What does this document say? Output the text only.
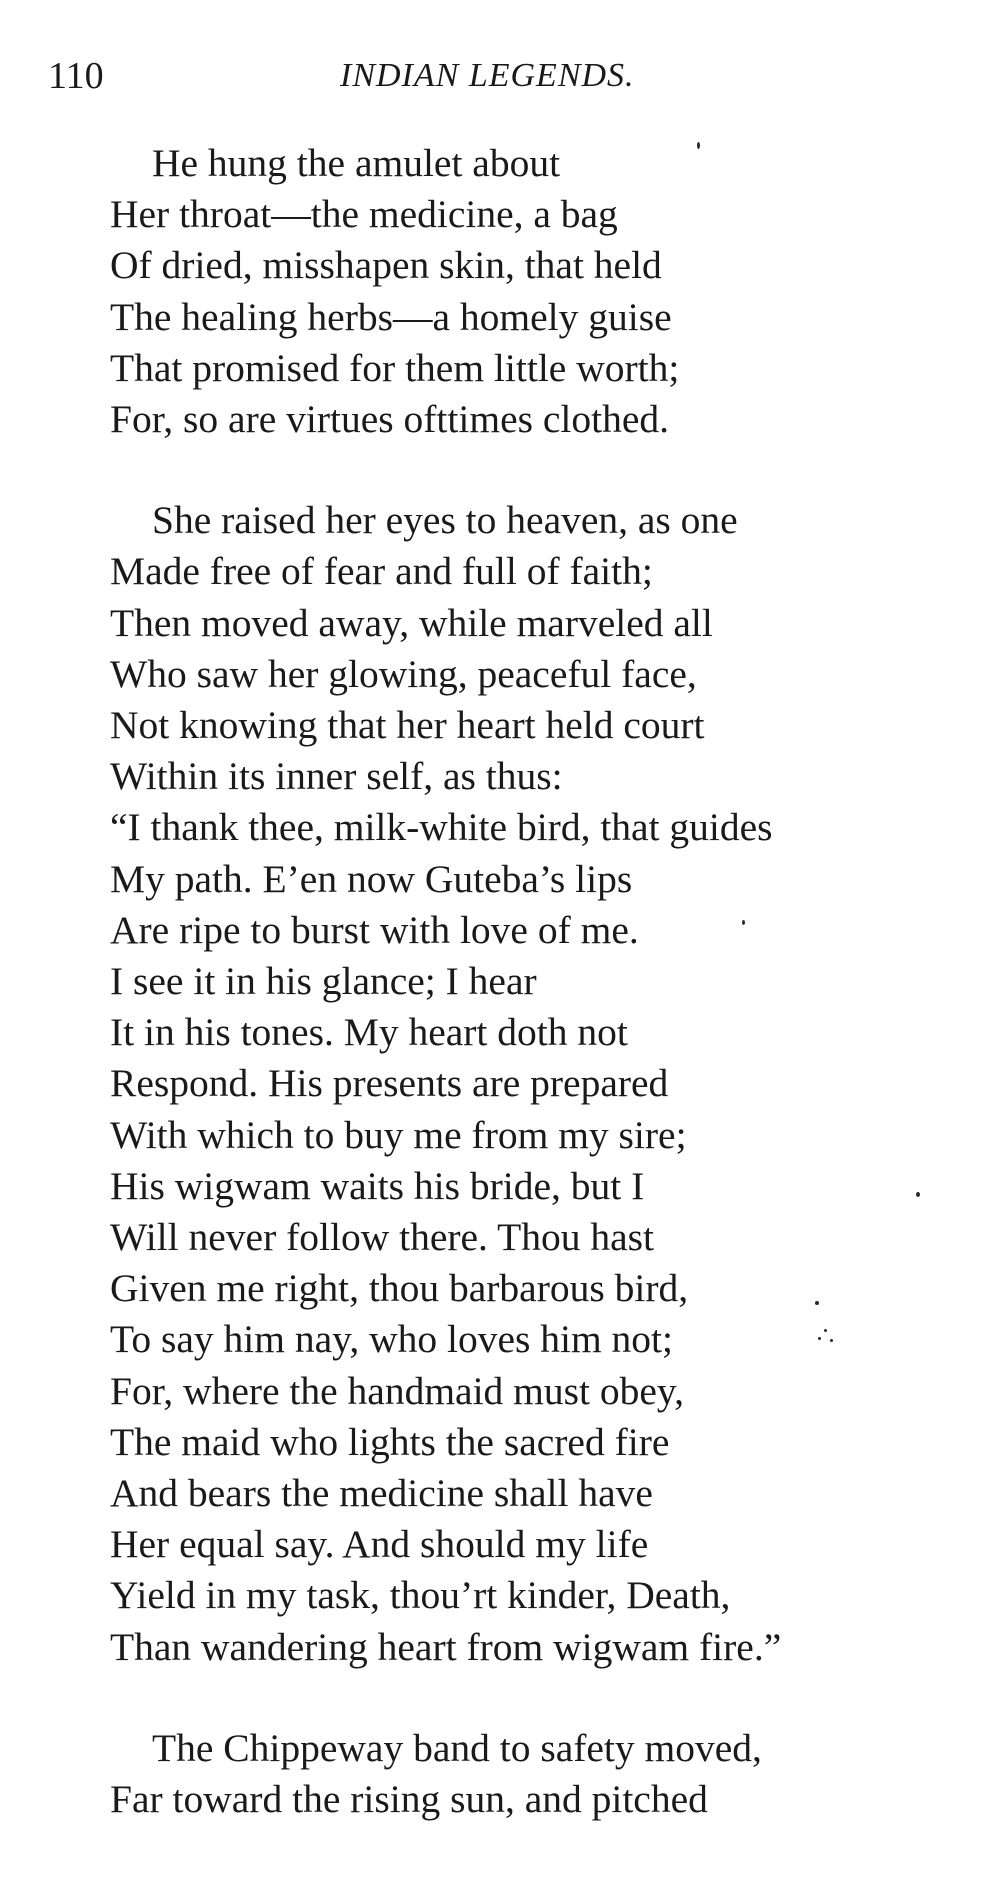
110	INDIAN LEGENDS.
He hung the amulet about
Her throat—the medicine, a bag
Of dried, misshapen skin, that held
The healing herbs—a homely guise
That promised for them little worth;
For, so are virtues ofttimes clothed.
She raised her eyes to heaven, as one
Made free of fear and full of faith;
Then moved away, while marveled all
Who saw her glowing, peaceful face,
Not knowing that her heart held court
Within its inner self, as thus:
“I thank thee, milk-white bird, that guides
My path. E’en now Guteba’s lips
Are ripe to burst with love of me.
I see it in his glance; I hear
It in his tones. My heart doth not
Respond. His presents are prepared
With which to buy me from my sire;
His wigwam waits his bride, but I
Will never follow there. Thou hast
Given me right, thou barbarous bird,
To say him nay, who loves him not;
For, where the handmaid must obey,
The maid who lights the sacred fire
And bears the medicine shall have
Her equal say. And should my life
Yield in my task, thou’rt kinder, Death,
Than wandering heart from wigwam fire.”
The Chippeway band to safety moved,
Far toward the rising sun, and pitched
